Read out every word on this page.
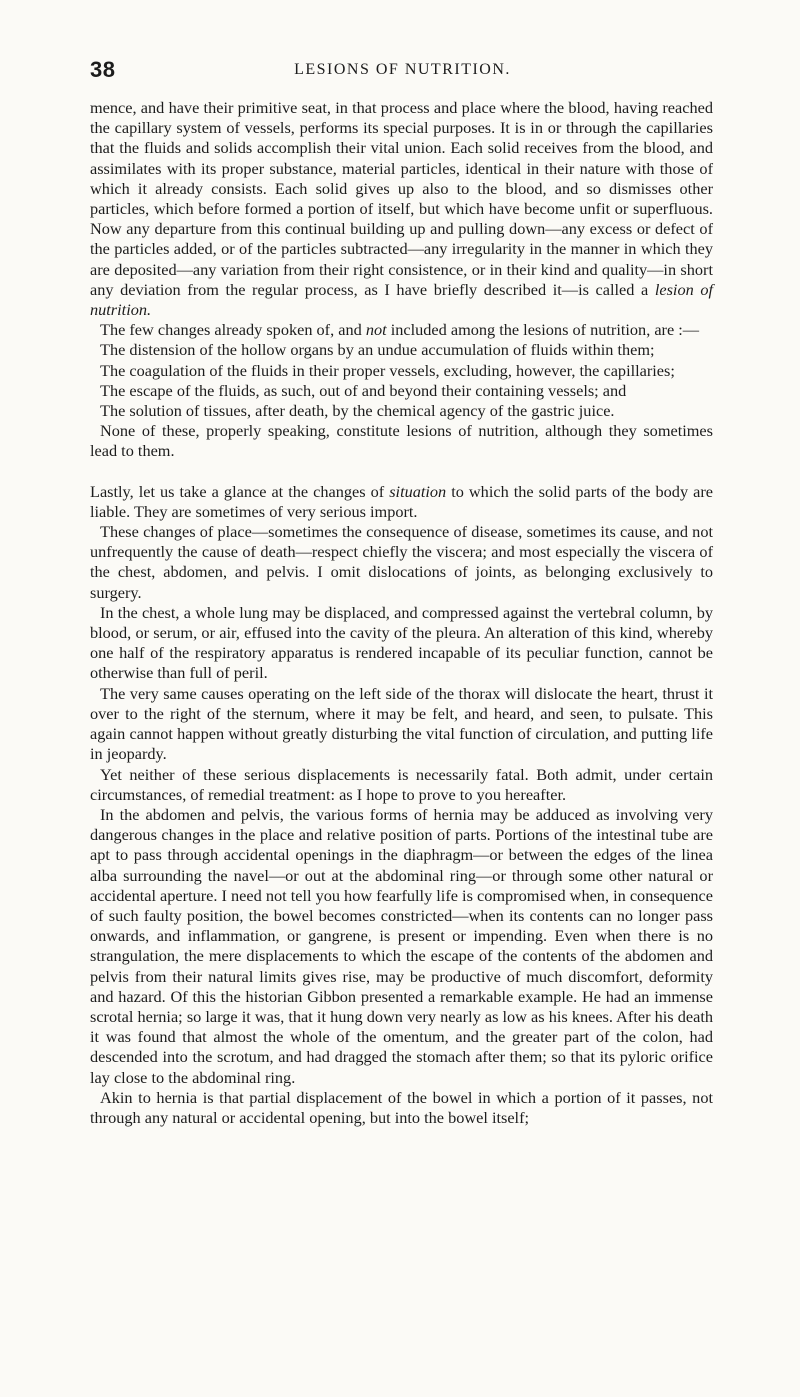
38	LESIONS OF NUTRITION.

mence, and have their primitive seat, in that process and place where the blood, having reached the capillary system of vessels, performs its special purposes. It is in or through the capillaries that the fluids and solids accomplish their vital union. Each solid receives from the blood, and assimilates with its proper substance, material particles, identical in their nature with those of which it already consists. Each solid gives up also to the blood, and so dismisses other particles, which before formed a portion of itself, but which have become unfit or superfluous. Now any departure from this continual building up and pulling down—any excess or defect of the particles added, or of the particles subtracted—any irregularity in the manner in which they are deposited—any variation from their right consistence, or in their kind and quality—in short any deviation from the regular process, as I have briefly described it—is called a lesion of nutrition.

The few changes already spoken of, and not included among the lesions of nutrition, are :—

The distension of the hollow organs by an undue accumulation of fluids within them;

The coagulation of the fluids in their proper vessels, excluding, however, the capillaries;

The escape of the fluids, as such, out of and beyond their containing vessels; and

The solution of tissues, after death, by the chemical agency of the gastric juice.

None of these, properly speaking, constitute lesions of nutrition, although they sometimes lead to them.

Lastly, let us take a glance at the changes of situation to which the solid parts of the body are liable. They are sometimes of very serious import.

These changes of place—sometimes the consequence of disease, sometimes its cause, and not unfrequently the cause of death—respect chiefly the viscera; and most especially the viscera of the chest, abdomen, and pelvis. I omit dislocations of joints, as belonging exclusively to surgery.

In the chest, a whole lung may be displaced, and compressed against the vertebral column, by blood, or serum, or air, effused into the cavity of the pleura. An alteration of this kind, whereby one half of the respiratory apparatus is rendered incapable of its peculiar function, cannot be otherwise than full of peril.

The very same causes operating on the left side of the thorax will dislocate the heart, thrust it over to the right of the sternum, where it may be felt, and heard, and seen, to pulsate. This again cannot happen without greatly disturbing the vital function of circulation, and putting life in jeopardy.

Yet neither of these serious displacements is necessarily fatal. Both admit, under certain circumstances, of remedial treatment: as I hope to prove to you hereafter.

In the abdomen and pelvis, the various forms of hernia may be adduced as involving very dangerous changes in the place and relative position of parts. Portions of the intestinal tube are apt to pass through accidental openings in the diaphragm—or between the edges of the linea alba surrounding the navel—or out at the abdominal ring—or through some other natural or accidental aperture. I need not tell you how fearfully life is compromised when, in consequence of such faulty position, the bowel becomes constricted—when its contents can no longer pass onwards, and inflammation, or gangrene, is present or impending. Even when there is no strangulation, the mere displacements to which the escape of the contents of the abdomen and pelvis from their natural limits gives rise, may be productive of much discomfort, deformity and hazard. Of this the historian Gibbon presented a remarkable example. He had an immense scrotal hernia; so large it was, that it hung down very nearly as low as his knees. After his death it was found that almost the whole of the omentum, and the greater part of the colon, had descended into the scrotum, and had dragged the stomach after them; so that its pyloric orifice lay close to the abdominal ring.

Akin to hernia is that partial displacement of the bowel in which a portion of it passes, not through any natural or accidental opening, but into the bowel itself;
